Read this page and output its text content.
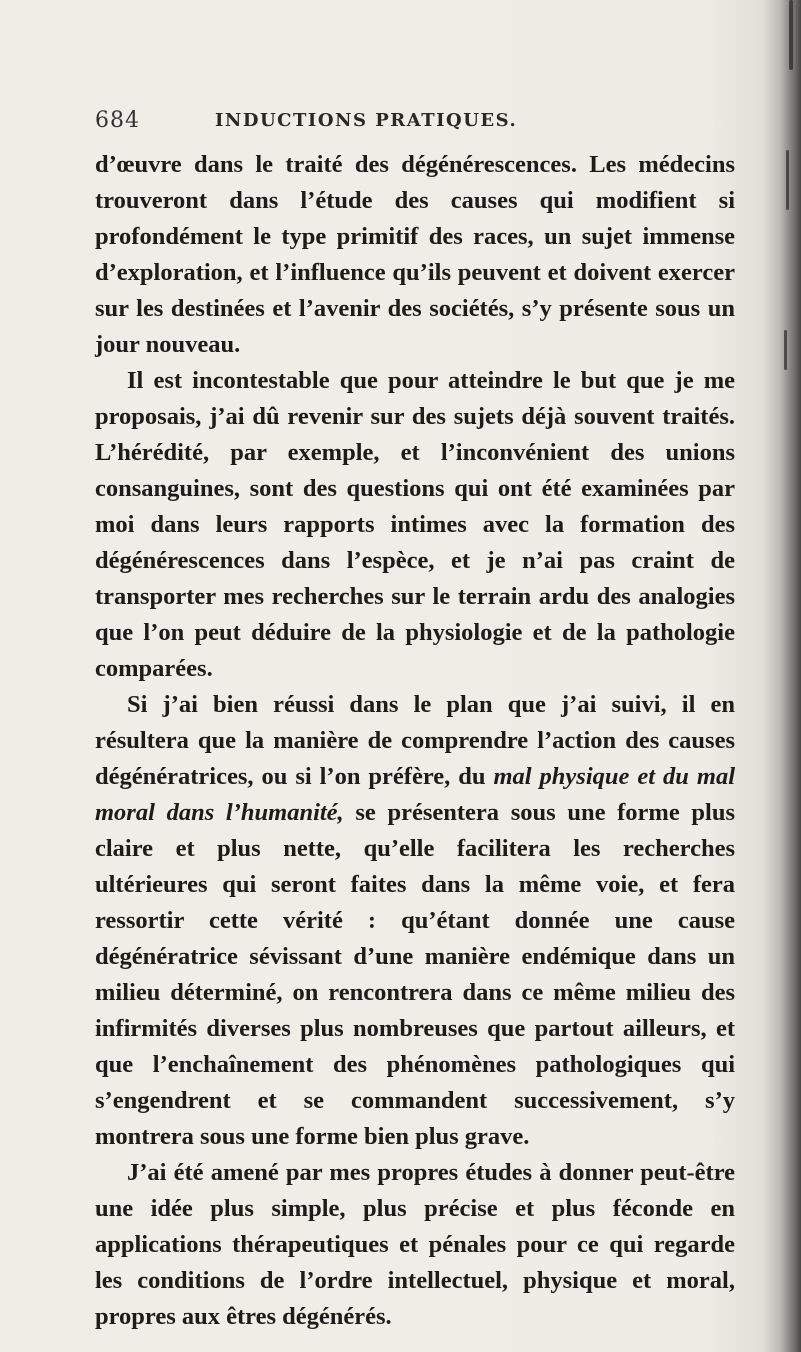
684	INDUCTIONS PRATIQUES.

d’œuvre dans le traité des dégénérescences. Les médecins trouveront dans l’étude des causes qui modifient si profondément le type primitif des races, un sujet immense d’exploration, et l’influence qu’ils peuvent et doivent exercer sur les destinées et l’avenir des sociétés, s’y présente sous un jour nouveau.

Il est incontestable que pour atteindre le but que je me proposais, j’ai dû revenir sur des sujets déjà souvent traités. L’hérédité, par exemple, et l’inconvénient des unions consanguines, sont des questions qui ont été examinées par moi dans leurs rapports intimes avec la formation des dégénérescences dans l’espèce, et je n’ai pas craint de transporter mes recherches sur le terrain ardu des analogies que l’on peut déduire de la physiologie et de la pathologie comparées.

Si j’ai bien réussi dans le plan que j’ai suivi, il en résultera que la manière de comprendre l’action des causes dégénératrices, ou si l’on préfère, du mal physique et du mal moral dans l’humanité, se présentera sous une forme plus claire et plus nette, qu’elle facilitera les recherches ultérieures qui seront faites dans la même voie, et fera ressortir cette vérité : qu’étant donnée une cause dégénératrice sévissant d’une manière endémique dans un milieu déterminé, on rencontrera dans ce même milieu des infirmités diverses plus nombreuses que partout ailleurs, et que l’enchaînement des phénomènes pathologiques qui s’engendrent et se commandent successivement, s’y montrera sous une forme bien plus grave.

J’ai été amené par mes propres études à donner peut-être une idée plus simple, plus précise et plus féconde en applications thérapeutiques et pénales pour ce qui regarde les conditions de l’ordre intellectuel, physique et moral, propres aux êtres dégénérés.
